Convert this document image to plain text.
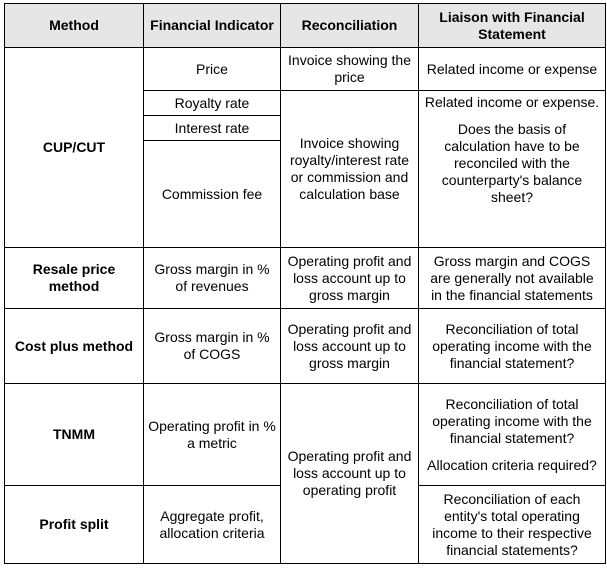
Method	Financial Indicator	Reconciliation	Liaison with Financial Statement
CUP/CUT	Price	Invoice showing the price	Related income or expense
	Royalty rate	Invoice showing royalty/interest rate or commission and calculation base	Related income or expense.
Does the basis of calculation have to be reconciled with the counterparty's balance sheet?

	Interest rate		
	Commission fee		
Resale price method	Gross margin in % of revenues	Operating profit and loss account up to gross margin	Gross margin and COGS are generally not available in the financial statements
Cost plus method	Gross margin in % of COGS	Operating profit and loss account up to gross margin	Reconciliation of total operating income with the financial statement?
TNMM	Operating profit in % a metric	Operating profit and loss account up to operating profit	Reconciliation of total operating income with the financial statement?
Allocation criteria required?

Profit split	Aggregate profit, allocation criteria		Reconciliation of each entity's total operating income to their respective financial statements?
